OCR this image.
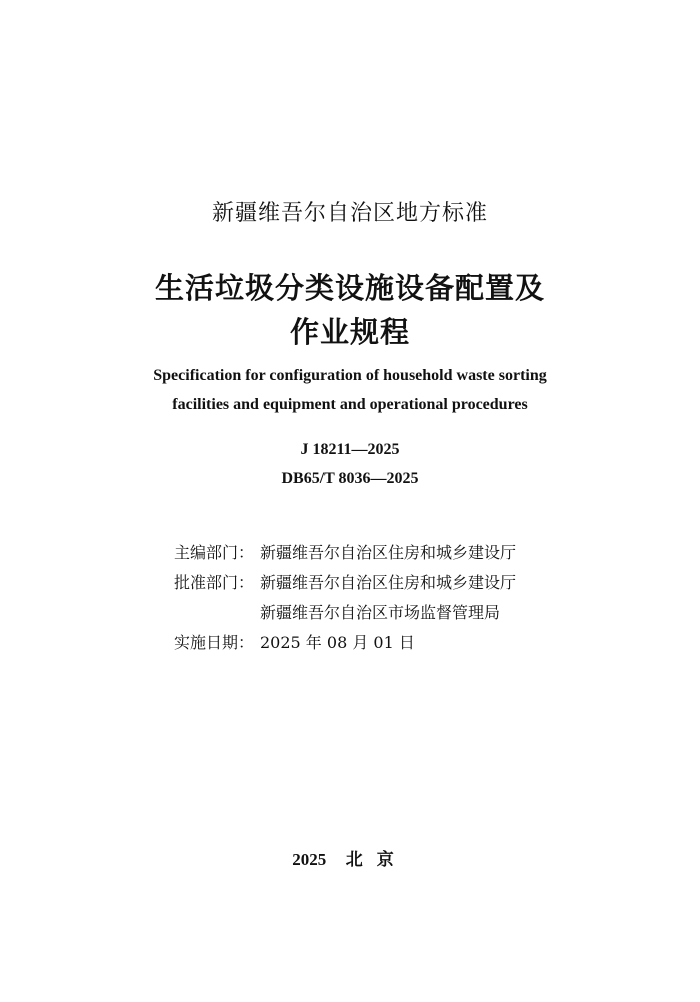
新疆维吾尔自治区地方标准
生活垃圾分类设施设备配置及
作业规程
Specification for configuration of household waste sorting
facilities and equipment and operational procedures
J 18211—2025
DB65/T 8036—2025
主编部门： 新疆维吾尔自治区住房和城乡建设厅
批准部门： 新疆维吾尔自治区住房和城乡建设厅
新疆维吾尔自治区市场监督管理局
实施日期： 2025 年 08 月 01 日
2025 北京
